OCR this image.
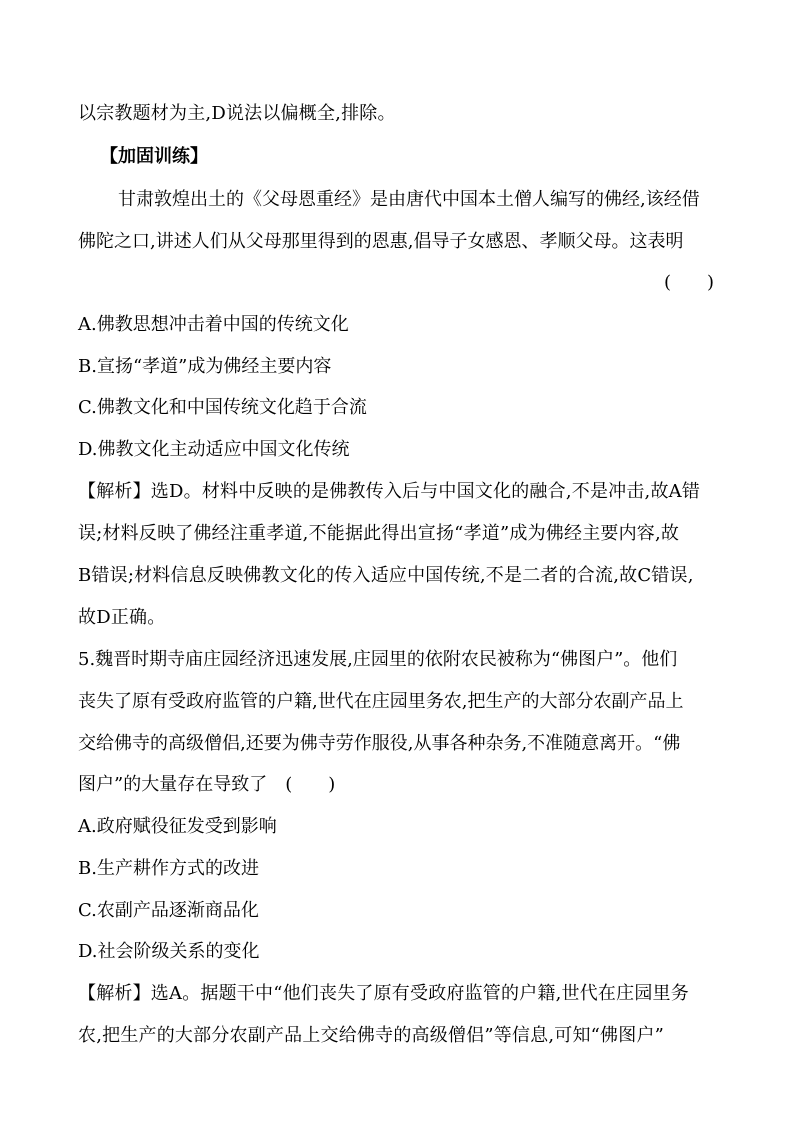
以宗教题材为主,D说法以偏概全,排除。
【加固训练】
甘肃敦煌出土的《父母恩重经》是由唐代中国本土僧人编写的佛经,该经借
佛陀之口,讲述人们从父母那里得到的恩惠,倡导子女感恩、孝顺父母。这表明
(　　)
A.佛教思想冲击着中国的传统文化
B.宣扬“孝道”成为佛经主要内容
C.佛教文化和中国传统文化趋于合流
D.佛教文化主动适应中国文化传统
【解析】选D。材料中反映的是佛教传入后与中国文化的融合,不是冲击,故A错
误;材料反映了佛经注重孝道,不能据此得出宣扬“孝道”成为佛经主要内容,故
B错误;材料信息反映佛教文化的传入适应中国传统,不是二者的合流,故C错误,
故D正确。
5.魏晋时期寺庙庄园经济迅速发展,庄园里的依附农民被称为“佛图户”。他们
丧失了原有受政府监管的户籍,世代在庄园里务农,把生产的大部分农副产品上
交给佛寺的高级僧侣,还要为佛寺劳作服役,从事各种杂务,不准随意离开。“佛
图户”的大量存在导致了　(　　)
A.政府赋役征发受到影响
B.生产耕作方式的改进
C.农副产品逐渐商品化
D.社会阶级关系的变化
【解析】选A。据题干中“他们丧失了原有受政府监管的户籍,世代在庄园里务
农,把生产的大部分农副产品上交给佛寺的高级僧侣”等信息,可知“佛图户”
